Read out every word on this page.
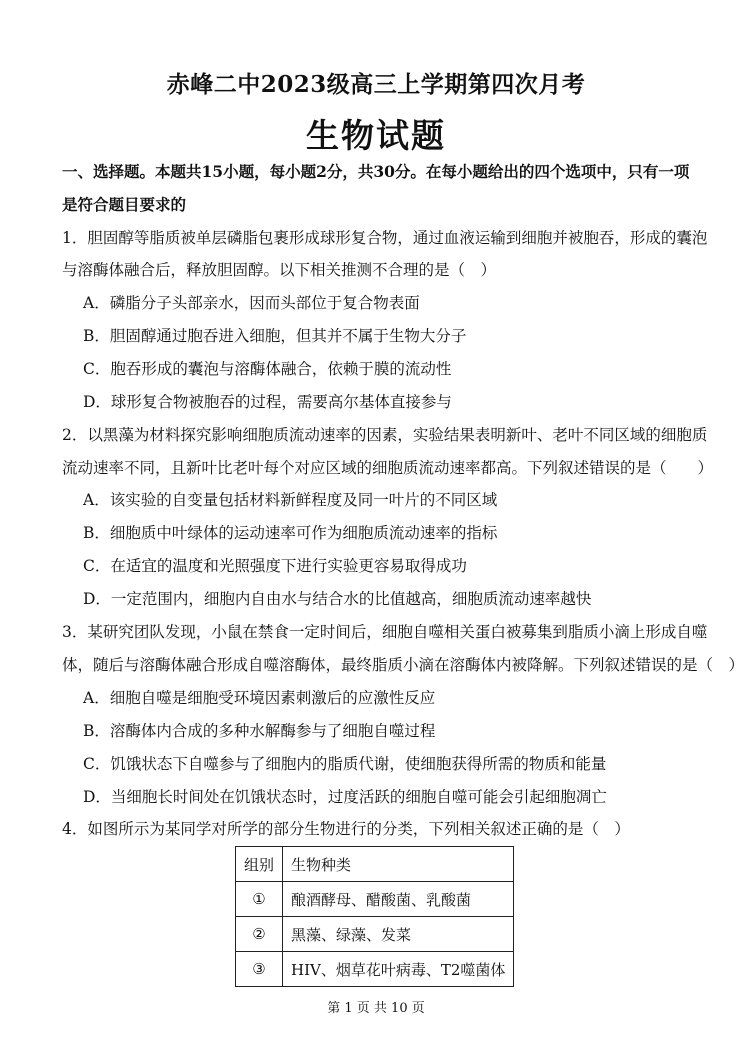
赤峰二中2023级高三上学期第四次月考
生物试题
一、选择题。本题共15小题，每小题2分，共30分。在每小题给出的四个选项中，只有一项
是符合题目要求的
1．胆固醇等脂质被单层磷脂包裹形成球形复合物，通过血液运输到细胞并被胞吞，形成的囊泡
与溶酶体融合后，释放胆固醇。以下相关推测不合理的是（　）
A．磷脂分子头部亲水，因而头部位于复合物表面
B．胆固醇通过胞吞进入细胞，但其并不属于生物大分子
C．胞吞形成的囊泡与溶酶体融合，依赖于膜的流动性
D．球形复合物被胞吞的过程，需要高尔基体直接参与
2．以黑藻为材料探究影响细胞质流动速率的因素，实验结果表明新叶、老叶不同区域的细胞质
流动速率不同，且新叶比老叶每个对应区域的细胞质流动速率都高。下列叙述错误的是（　　）
A．该实验的自变量包括材料新鲜程度及同一叶片的不同区域
B．细胞质中叶绿体的运动速率可作为细胞质流动速率的指标
C．在适宜的温度和光照强度下进行实验更容易取得成功
D．一定范围内，细胞内自由水与结合水的比值越高，细胞质流动速率越快
3．某研究团队发现，小鼠在禁食一定时间后，细胞自噬相关蛋白被募集到脂质小滴上形成自噬
体，随后与溶酶体融合形成自噬溶酶体，最终脂质小滴在溶酶体内被降解。下列叙述错误的是（　）
A．细胞自噬是细胞受环境因素刺激后的应激性反应
B．溶酶体内合成的多种水解酶参与了细胞自噬过程
C．饥饿状态下自噬参与了细胞内的脂质代谢，使细胞获得所需的物质和能量
D．当细胞长时间处在饥饿状态时，过度活跃的细胞自噬可能会引起细胞凋亡
4．如图所示为某同学对所学的部分生物进行的分类，下列相关叙述正确的是（　）
组别	生物种类
①	酿酒酵母、醋酸菌、乳酸菌
②	黑藻、绿藻、发菜
③	HIV、烟草花叶病毒、T2噬菌体
第 1 页 共 10 页
